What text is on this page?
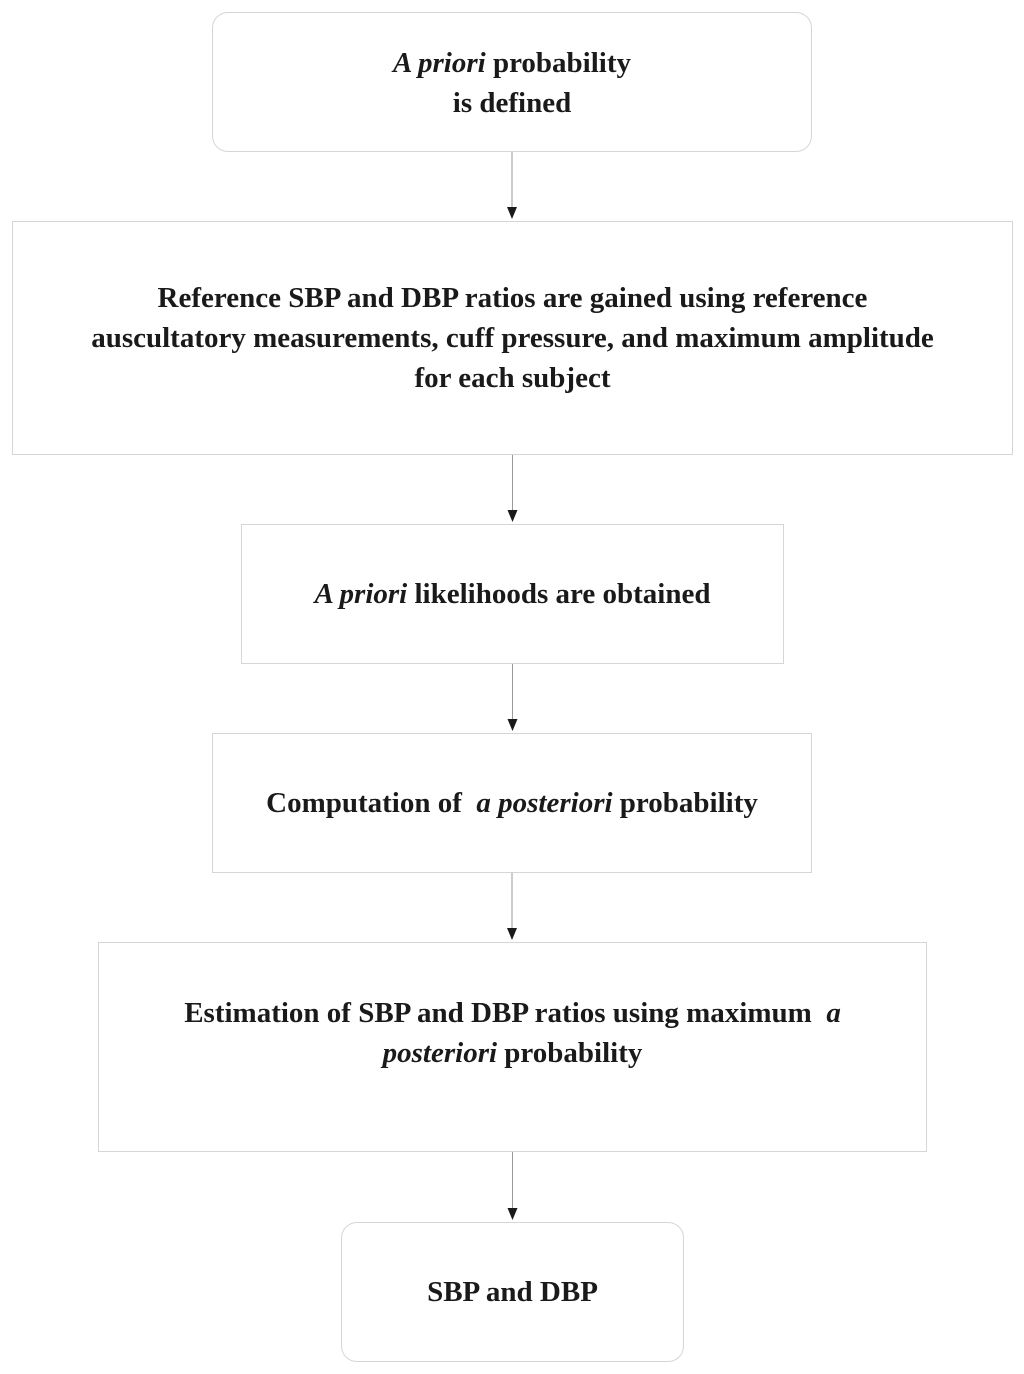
A priori probability
is defined
Reference SBP and DBP ratios are gained using reference
auscultatory measurements, cuff pressure, and maximum amplitude
for each subject
A priori likelihoods are obtained
Computation of  a posteriori probability
Estimation of SBP and DBP ratios using maximum  a
posteriori probability
SBP and DBP
